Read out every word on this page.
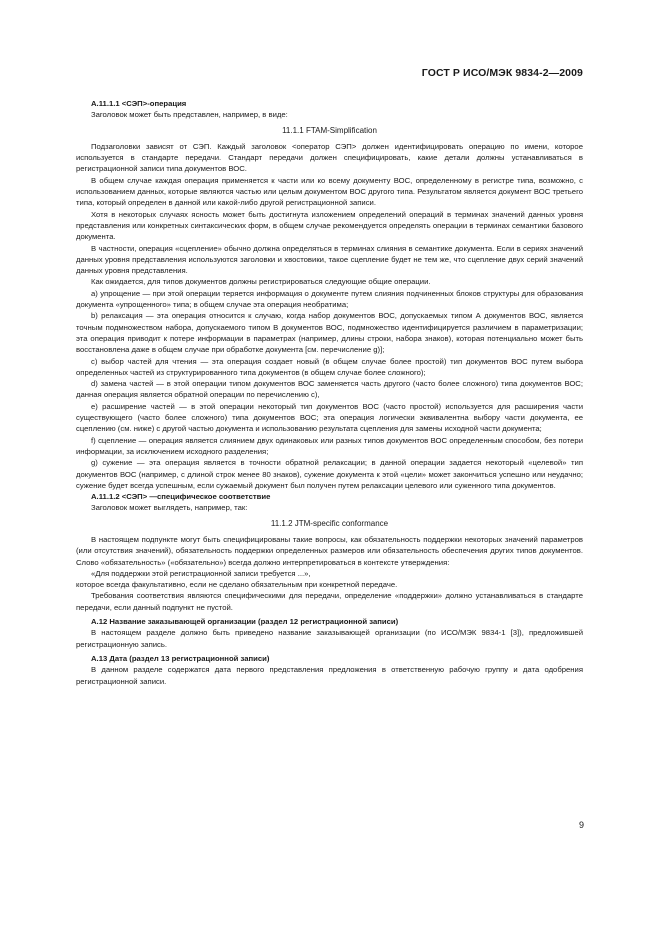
ГОСТ Р ИСО/МЭК 9834-2—2009

А.11.1.1 <СЭП>-операция

Заголовок может быть представлен, например, в виде:

11.1.1 FTAM-Simplification

Подзаголовки зависят от СЭП. Каждый заголовок <оператор СЭП> должен идентифицировать операцию по имени, которое используется в стандарте передачи. Стандарт передачи должен специфицировать, какие детали должны устанавливаться в регистрационной записи типа документов ВОС.

В общем случае каждая операция применяется к части или ко всему документу ВОС, определенному в регистре типа, возможно, с использованием данных, которые являются частью или целым документом ВОС другого типа. Результатом является документ ВОС третьего типа, который определен в данной или какой-либо другой регистрационной записи.

Хотя в некоторых случаях ясность может быть достигнута изложением определений операций в терминах значений данных уровня представления или конкретных синтаксических форм, в общем случае рекомендуется определять операции в терминах семантики базового документа.

В частности, операция «сцепление» обычно должна определяться в терминах слияния в семантике документа. Если в сериях значений данных уровня представления используются заголовки и хвостовики, такое сцепление будет не тем же, что сцепление двух серий значений данных уровня представления.

Как ожидается, для типов документов должны регистрироваться следующие общие операции.

а) упрощение — при этой операции теряется информация о документе путем слияния подчиненных блоков структуры для образования документа «упрощенного» типа; в общем случае эта операция необратима;

b) релаксация — эта операция относится к случаю, когда набор документов ВОС, допускаемых типом А документов ВОС, является точным подмножеством набора, допускаемого типом В документов ВОС, подмножество идентифицируется различием в параметризации; эта операция приводит к потере информации в параметрах (например, длины строки, набора знаков), которая потенциально может быть восстановлена даже в общем случае при обработке документа [см. перечисление g)];

c) выбор частей для чтения — эта операция создает новый (в общем случае более простой) тип документов ВОС путем выбора определенных частей из структурированного типа документов (в общем случае более сложного);

d) замена частей — в этой операции типом документов ВОС заменяется часть другого (часто более сложного) типа документов ВОС; данная операция является обратной операции по перечислению с),

e) расширение частей — в этой операции некоторый тип документов ВОС (часто простой) используется для расширения части существующего (часто более сложного) типа документов ВОС; эта операция логически эквивалентна выбору части документа, ее сцеплению (см. ниже) с другой частью документа и использованию результата сцепления для замены исходной части документа;

f) сцепление — операция является слиянием двух одинаковых или разных типов документов ВОС определенным способом, без потери информации, за исключением исходного разделения;

g) сужение — эта операция является в точности обратной релаксации; в данной операции задается некоторый «целевой» тип документов ВОС (например, с длиной строк менее 80 знаков), сужение документа к этой «цели» может закончиться успешно или неудачно; сужение будет всегда успешным, если сужаемый документ был получен путем релаксации целевого или суженного типа документов.

А.11.1.2 <СЭП> —специфическое соответствие

Заголовок может выглядеть, например, так:

11.1.2 JTM-specific conformance

В настоящем подпункте могут быть специфицированы такие вопросы, как обязательность поддержки некоторых значений параметров (или отсутствия значений), обязательность поддержки определенных размеров или обязательность обеспечения других типов документов. Слово «обязательность» («обязательно») всегда должно интерпретироваться в контексте утверждения:

«Для поддержки этой регистрационной записи требуется ...»,

которое всегда факультативно, если не сделано обязательным при конкретной передаче.

Требования соответствия являются специфическими для передачи, определение «поддержки» должно устанавливаться в стандарте передачи, если данный подпункт не пустой.

А.12 Название заказывающей организации (раздел 12 регистрационной записи)

В настоящем разделе должно быть приведено название заказывающей организации (по ИСО/МЭК 9834-1 [3]), предложившей регистрационную запись.

А.13 Дата (раздел 13 регистрационной записи)

В данном разделе содержатся дата первого представления предложения в ответственную рабочую группу и дата одобрения регистрационной записи.

9
